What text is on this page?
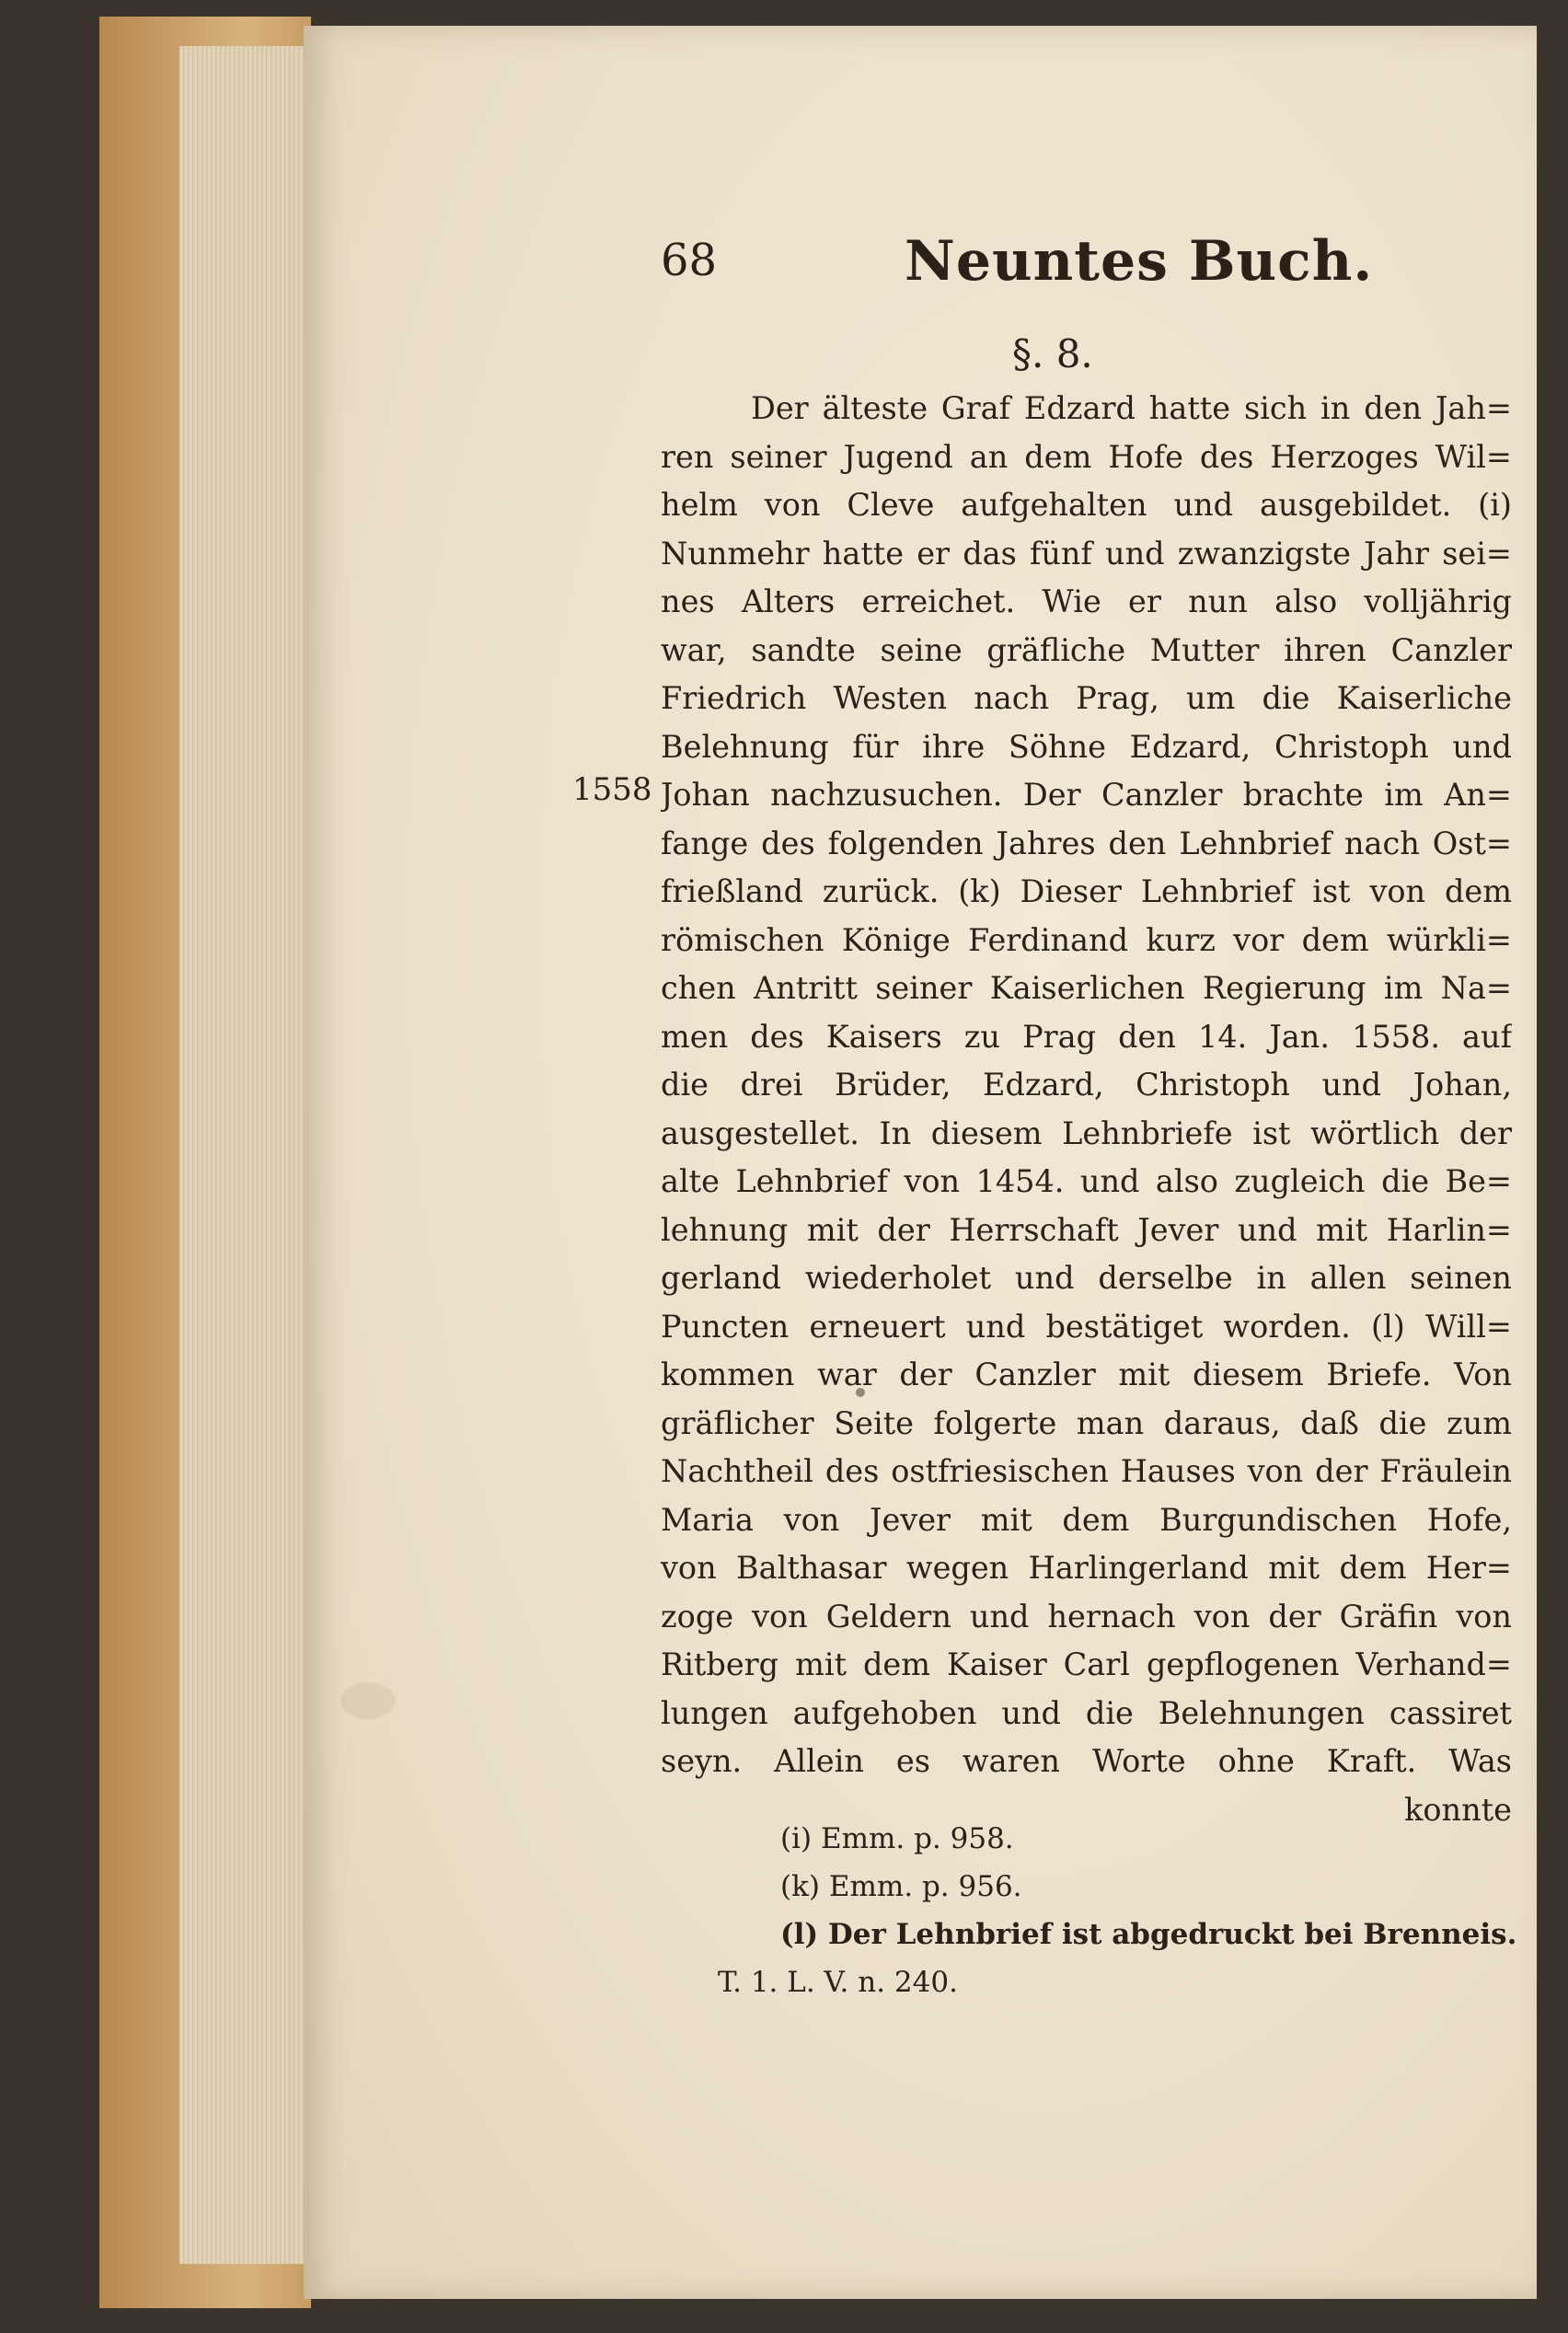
68	Neuntes Buch.
§. 8.
1558
Der älteste Graf Edzard hatte sich in den Jah=
ren seiner Jugend an dem Hofe des Herzoges Wil=
helm von Cleve aufgehalten und ausgebildet. (i)
Nunmehr hatte er das fünf und zwanzigste Jahr sei=
nes Alters erreichet. Wie er nun also volljährig
war, sandte seine gräfliche Mutter ihren Canzler
Friedrich Westen nach Prag, um die Kaiserliche
Belehnung für ihre Söhne Edzard, Christoph und
Johan nachzusuchen. Der Canzler brachte im An=
fange des folgenden Jahres den Lehnbrief nach Ost=
frießland zurück. (k) Dieser Lehnbrief ist von dem
römischen Könige Ferdinand kurz vor dem würkli=
chen Antritt seiner Kaiserlichen Regierung im Na=
men des Kaisers zu Prag den 14. Jan. 1558. auf
die drei Brüder, Edzard, Christoph und Johan,
ausgestellet. In diesem Lehnbriefe ist wörtlich der
alte Lehnbrief von 1454. und also zugleich die Be=
lehnung mit der Herrschaft Jever und mit Harlin=
gerland wiederholet und derselbe in allen seinen
Puncten erneuert und bestätiget worden. (l) Will=
kommen war der Canzler mit diesem Briefe. Von
gräflicher Seite folgerte man daraus, daß die zum
Nachtheil des ostfriesischen Hauses von der Fräulein
Maria von Jever mit dem Burgundischen Hofe,
von Balthasar wegen Harlingerland mit dem Her=
zoge von Geldern und hernach von der Gräfin von
Ritberg mit dem Kaiser Carl gepflogenen Verhand=
lungen aufgehoben und die Belehnungen cassiret
seyn. Allein es waren Worte ohne Kraft. Was
konnte
(i) Emm. p. 958.
(k) Emm. p. 956.
(l) Der Lehnbrief ist abgedruckt bei Brenneis.
T. 1. L. V. n. 240.
